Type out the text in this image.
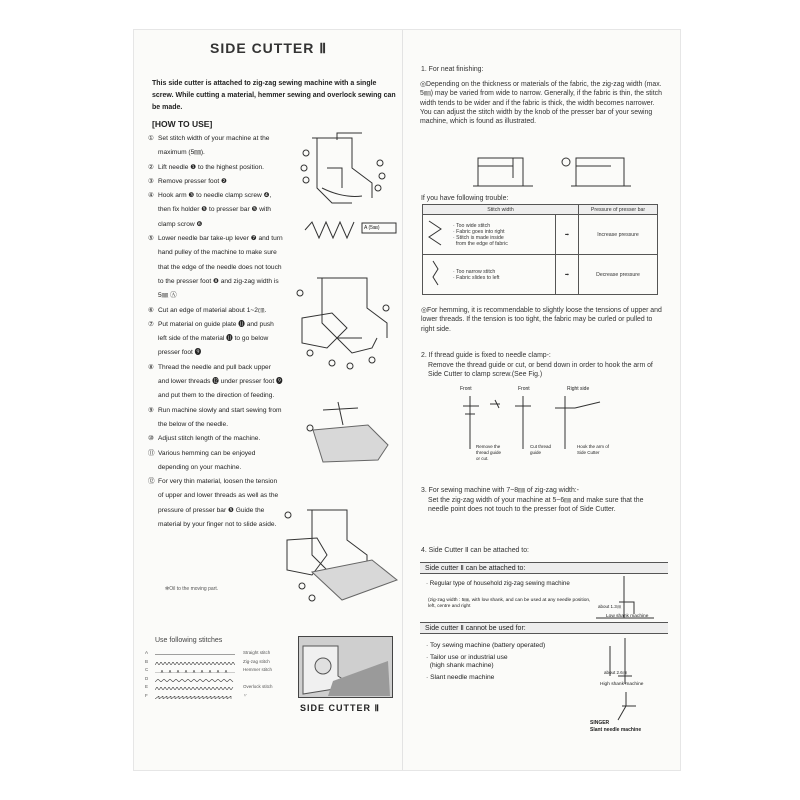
SIDE CUTTER Ⅱ
This side cutter is attached to zig-zag sewing machine with a single screw. While cutting a material, hemmer sewing and overlock sewing can be made.
[HOW TO USE]
① Set stitch width of your machine at the maximum (5㎜).
② Lift needle ❶ to the highest position.
③ Remove presser foot ❷
④ Hook arm ❸ to needle clamp screw ❹, then fix holder ❺ to presser bar ❺ with clamp scrow ❻
⑤ Lower needle bar take-up lever ❼ and turn hand pulley of the machine to make sure that the edge of the needle does not touch to the presser foot ❽ and zig-zag width is 5㎜ Ⓐ
⑥ Cut an edge of material about 1~2㎝.
⑦ Put material on guide plate ⓫ and push left side of the material ⓫ to go below presser foot ❾
⑧ Thread the needle and pull back upper and lower threads ⓬ under presser foot ❾ and put them to the direction of feeding.
⑨ Run machine slowly and start sewing from the below of the needle.
⑩ Adjust stitch length of the machine.
⑪ Various hemming can be enjoyed depending on your machine.
⑫ For very thin material, loosen the tension of upper and lower threads as well as the pressure of presser bar ❺ Guide the material by your finger not to slide aside.
A (5㎜)
✻Oil to the moving part.
Use following stitches
A	Straight stitch
B	Zig-zag stitch
C	Hemmer stitch
D
E	Overlock stitch
F	〃
SIDE CUTTER Ⅱ
1. For neat finishing:
◎Depending on the thickness or materials of the fabric, the zig-zag width (max. 5㎜) may be varied from wide to narrow. Generally, if the fabric is thin, the stitch width tends to be wider and if the fabric is thick, the width becomes narrower. You can adjust the stitch width by the knob of the presser bar of your sewing machine, which is found as illustrated.
If you have following trouble:
Stitch width			Pressure of presser bar
	· Too wide stitch
· Fabric goes into right
· Stitch is made inside
from the edge of fabric	➡	Increase pressure
	· Too narrow stitch
· Fabric slides to left	➡	Decrease pressure
◎For hemming, it is recommendable to slightly loose the tensions of upper and lower threads. If the tension is too tight, the fabric may be curled or pulled to right side.
2. If thread guide is fixed to needle clamp-:
Remove the thread guide or cut, or bend down in order to hook the arm of Side Cutter to clamp screw.(See Fig.)
Front	Front	Right side
Remove the thread guide or cut.
Cut thread guide
Hook the arm of Side Cutter
3. For sewing machine with 7~8㎜ of zig-zag width:-
Set the zig-zag width of your machine at 5~6㎜ and make sure that the needle point does not touch to the presser foot of Side Cutter.
4. Side Cutter Ⅱ can be attached to:
Side cutter Ⅱ can be attached to:
· Regular type of household zig-zag sewing machine
(zig-zag width : 5㎜, with low shank, and can be used at any needle position, left, centre and right	about 1.3㎝
Low shank machine
Side cutter Ⅱ cannot be used for:
· Toy sewing machine (battery operated)
· Tailor use or industrial use
(high shank machine)
· Slant needle machine
about 2.6㎝
High shank machine
SINGER
Slant needle machine
